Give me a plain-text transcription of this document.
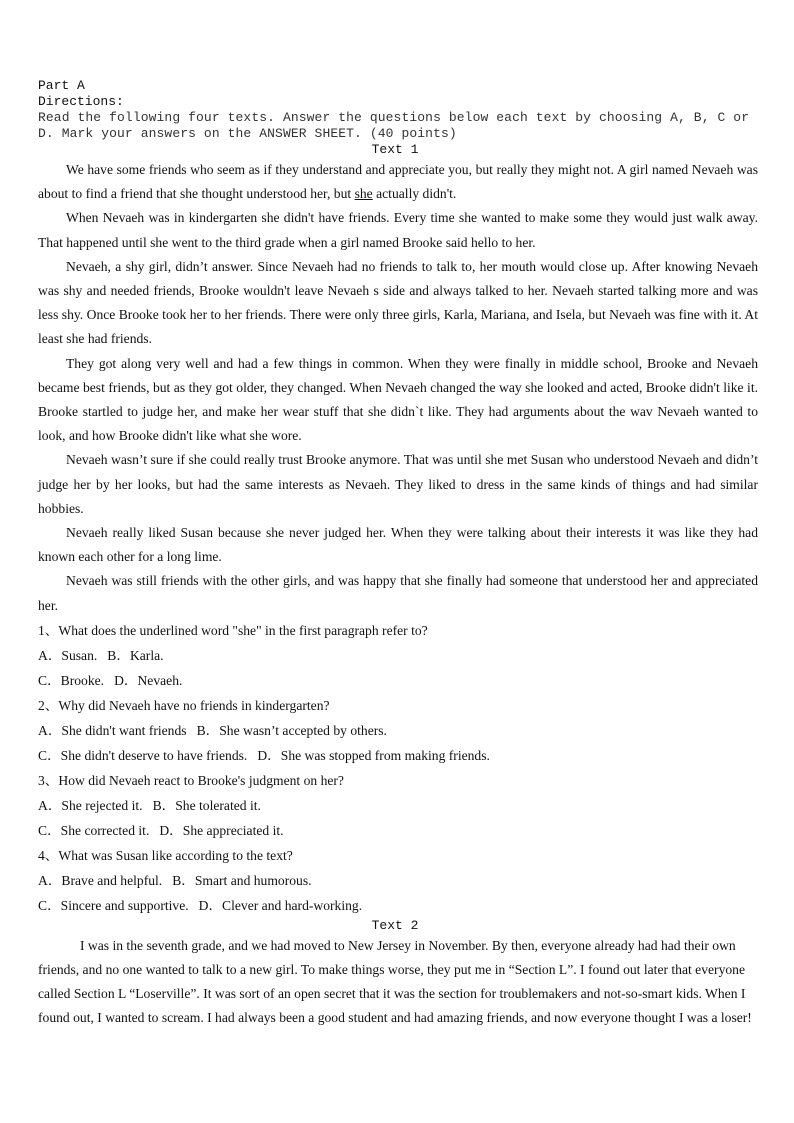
Part A
Directions:
Read the following four texts. Answer the questions below each text by choosing A, B, C or D. Mark your answers on the ANSWER SHEET. (40 points)
Text 1

We have some friends who seem as if they understand and appreciate you, but really they might not. A girl named Nevaeh was about to find a friend that she thought understood her, but she actually didn't.

When Nevaeh was in kindergarten she didn't have friends. Every time she wanted to make some they would just walk away. That happened until she went to the third grade when a girl named Brooke said hello to her.

Nevaeh, a shy girl, didn’t answer. Since Nevaeh had no friends to talk to, her mouth would close up. After knowing Nevaeh was shy and needed friends, Brooke wouldn't leave Nevaeh s side and always talked to her. Nevaeh started talking more and was less shy. Once Brooke took her to her friends. There were only three girls, Karla, Mariana, and Isela, but Nevaeh was fine with it. At least she had friends.

They got along very well and had a few things in common. When they were finally in middle school, Brooke and Nevaeh became best friends, but as they got older, they changed. When Nevaeh changed the way she looked and acted, Brooke didn't like it. Brooke startled to judge her, and make her wear stuff that she didn`t like. They had arguments about the wav Nevaeh wanted to look, and how Brooke didn't like what she wore.

Nevaeh wasn’t sure if she could really trust Brooke anymore. That was until she met Susan who understood Nevaeh and didn’t judge her by her looks, but had the same interests as Nevaeh. They liked to dress in the same kinds of things and had similar hobbies.

Nevaeh really liked Susan because she never judged her. When they were talking about their interests it was like they had known each other for a long lime.

Nevaeh was still friends with the other girls, and was happy that she finally had someone that understood her and appreciated her.

1、What does the underlined word "she" in the first paragraph refer to?

A．Susan. B．Karla.

C．Brooke. D．Nevaeh.

2、Why did Nevaeh have no friends in kindergarten?

A．She didn't want friends B．She wasn’t accepted by others.

C．She didn't deserve to have friends. D．She was stopped from making friends.

3、How did Nevaeh react to Brooke's judgment on her?

A．She rejected it. B．She tolerated it.

C．She corrected it. D．She appreciated it.

4、What was Susan like according to the text?

A．Brave and helpful. B．Smart and humorous.

C．Sincere and supportive. D．Clever and hard-working.

Text 2

I was in the seventh grade, and we had moved to New Jersey in November. By then, everyone already had had their own friends, and no one wanted to talk to a new girl. To make things worse, they put me in “Section L”. I found out later that everyone called Section L “Loserville”. It was sort of an open secret that it was the section for troublemakers and not-so-smart kids. When I found out, I wanted to scream. I had always been a good student and had amazing friends, and now everyone thought I was a loser!
